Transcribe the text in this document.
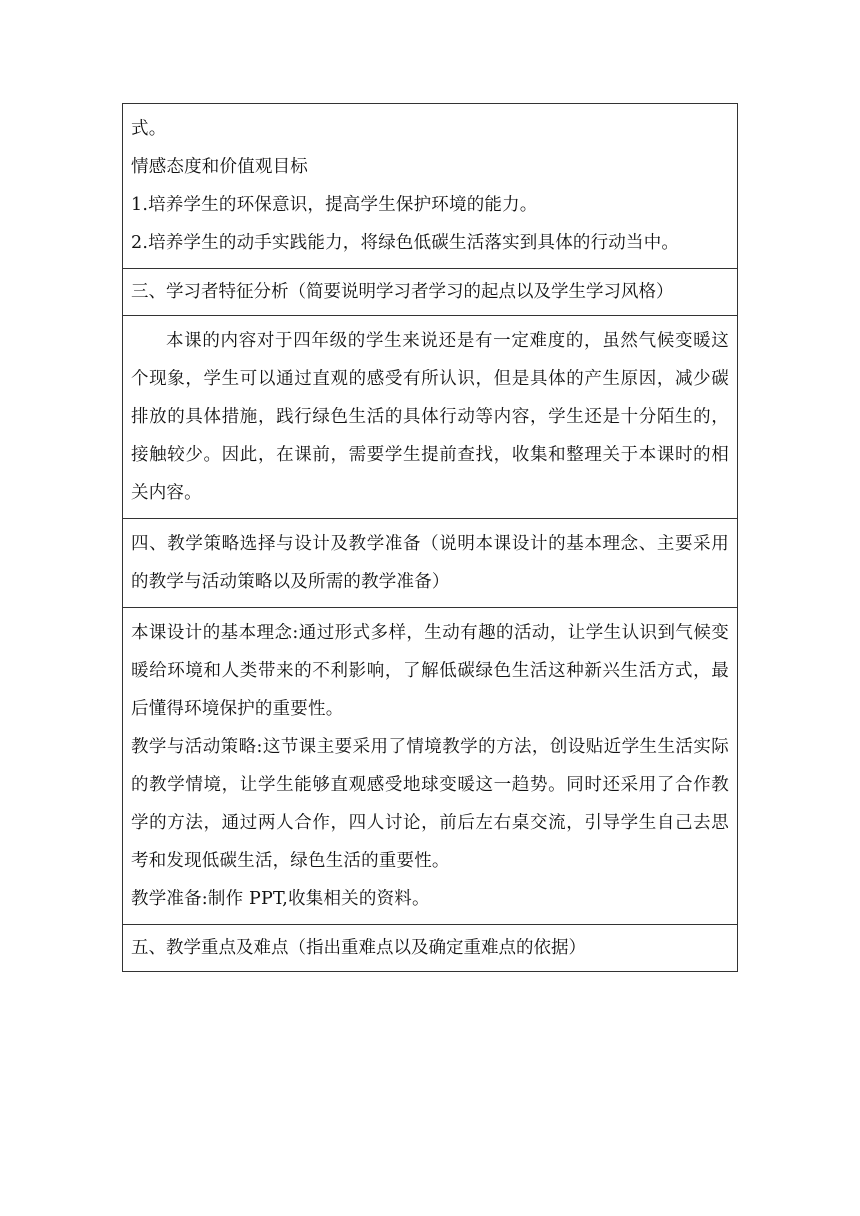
式。

情感态度和价值观目标

1.培养学生的环保意识，提高学生保护环境的能力。

2.培养学生的动手实践能力，将绿色低碳生活落实到具体的行动当中。

三、学习者特征分析（简要说明学习者学习的起点以及学生学习风格）

本课的内容对于四年级的学生来说还是有一定难度的，虽然气候变暖这个现象，学生可以通过直观的感受有所认识，但是具体的产生原因，减少碳排放的具体措施，践行绿色生活的具体行动等内容，学生还是十分陌生的，接触较少。因此，在课前，需要学生提前查找，收集和整理关于本课时的相关内容。

四、教学策略选择与设计及教学准备（说明本课设计的基本理念、主要采用的教学与活动策略以及所需的教学准备）

本课设计的基本理念:通过形式多样，生动有趣的活动，让学生认识到气候变暖给环境和人类带来的不利影响，了解低碳绿色生活这种新兴生活方式，最后懂得环境保护的重要性。

教学与活动策略:这节课主要采用了情境教学的方法，创设贴近学生生活实际的教学情境，让学生能够直观感受地球变暖这一趋势。同时还采用了合作教学的方法，通过两人合作，四人讨论，前后左右桌交流，引导学生自己去思考和发现低碳生活，绿色生活的重要性。

教学准备:制作 PPT,收集相关的资料。

五、教学重点及难点（指出重难点以及确定重难点的依据）
